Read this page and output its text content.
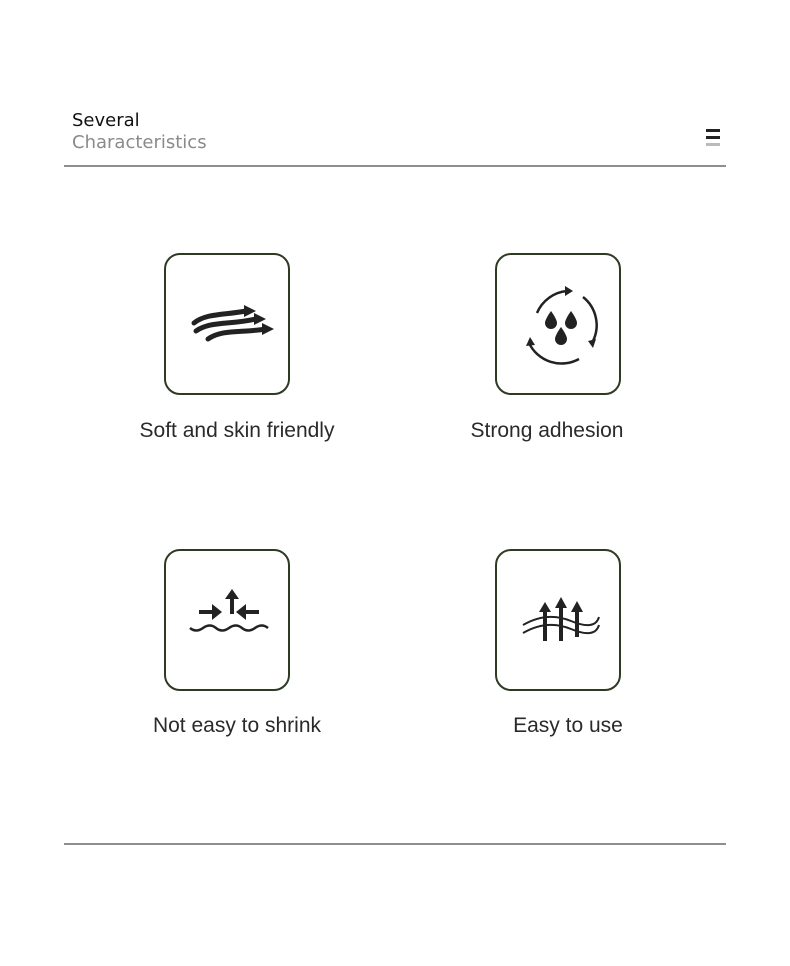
Several
Characteristics
Soft and skin friendly	Strong adhesion
Not easy to shrink	Easy to use
